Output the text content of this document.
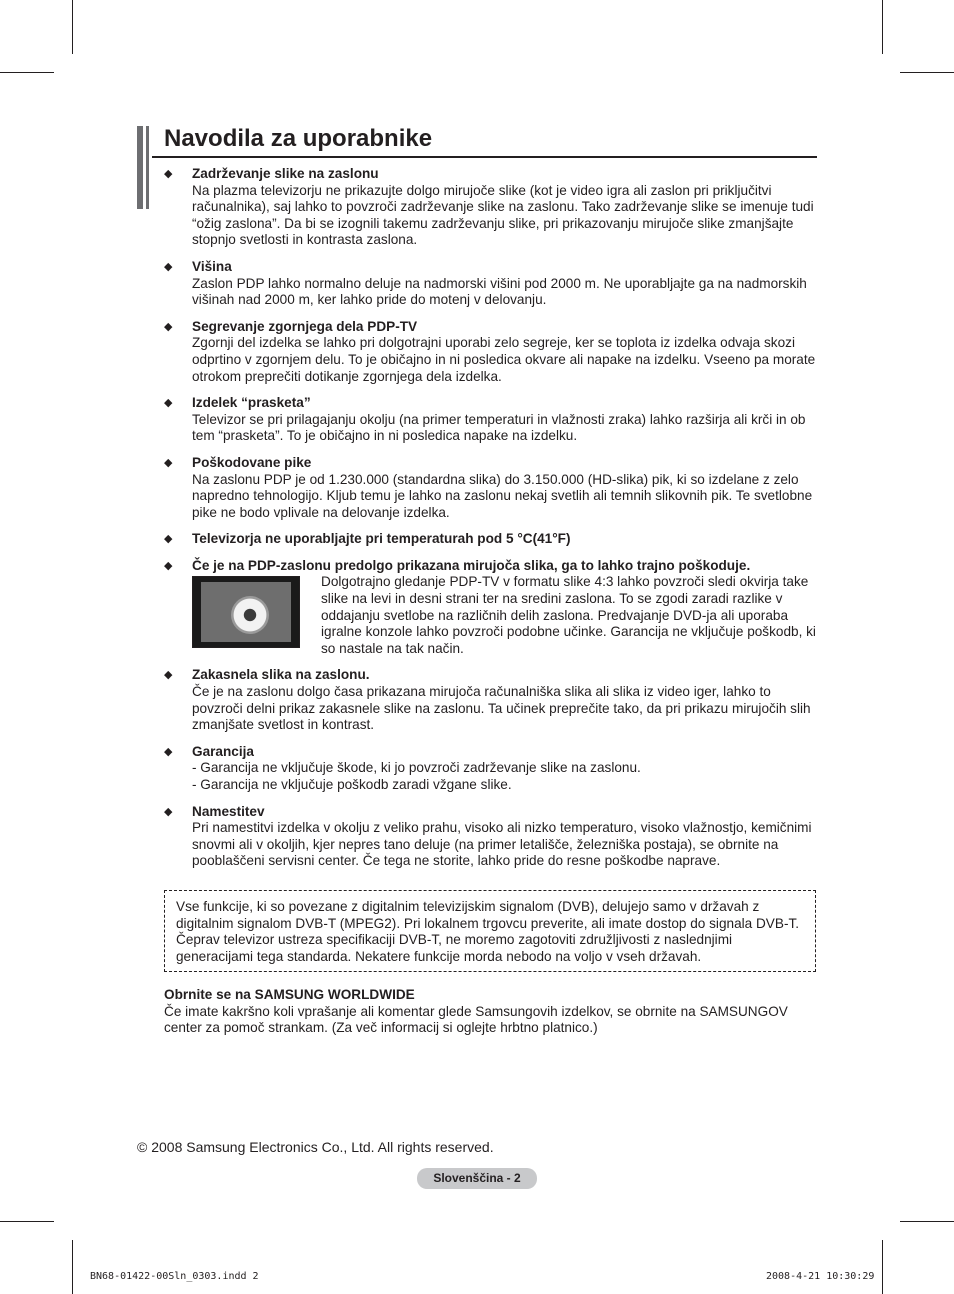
Navodila za uporabnike
◆ Zadrževanje slike na zaslonu
Na plazma televizorju ne prikazujte dolgo mirujoče slike (kot je video igra ali zaslon pri priključitvi računalnika), saj lahko to povzroči zadrževanje slike na zaslonu. Tako zadrževanje slike se imenuje tudi “ožig zaslona”. Da bi se izognili takemu zadrževanju slike, pri prikazovanju mirujoče slike zmanjšajte stopnjo svetlosti in kontrasta zaslona.
◆ Višina
Zaslon PDP lahko normalno deluje na nadmorski višini pod 2000 m. Ne uporabljajte ga na nadmorskih višinah nad 2000 m, ker lahko pride do motenj v delovanju.
◆ Segrevanje zgornjega dela PDP-TV
Zgornji del izdelka se lahko pri dolgotrajni uporabi zelo segreje, ker se toplota iz izdelka odvaja skozi odprtino v zgornjem delu. To je običajno in ni posledica okvare ali napake na izdelku. Vseeno pa morate otrokom preprečiti dotikanje zgornjega dela izdelka.
◆ Izdelek “prasketa”
Televizor se pri prilagajanju okolju (na primer temperaturi in vlažnosti zraka) lahko razširja ali krči in ob tem “prasketa”. To je običajno in ni posledica napake na izdelku.
◆ Poškodovane pike
Na zaslonu PDP je od 1.230.000 (standardna slika) do 3.150.000 (HD-slika) pik, ki so izdelane z zelo napredno tehnologijo. Kljub temu je lahko na zaslonu nekaj svetlih ali temnih slikovnih pik. Te svetlobne pike ne bodo vplivale na delovanje izdelka.
◆ Televizorja ne uporabljajte pri temperaturah pod 5 °C(41°F)
◆ Če je na PDP-zaslonu predolgo prikazana mirujoča slika, ga to lahko trajno poškoduje.
Dolgotrajno gledanje PDP-TV v formatu slike 4:3 lahko povzroči sledi okvirja take slike na levi in desni strani ter na sredini zaslona. To se zgodi zaradi razlike v oddajanju svetlobe na različnih delih zaslona. Predvajanje DVD-ja ali uporaba igralne konzole lahko povzroči podobne učinke. Garancija ne vključuje poškodb, ki so nastale na tak način.
◆ Zakasnela slika na zaslonu.
Če je na zaslonu dolgo časa prikazana mirujoča računalniška slika ali slika iz video iger, lahko to povzroči delni prikaz zakasnele slike na zaslonu. Ta učinek preprečite tako, da pri prikazu mirujočih slih zmanjšate svetlost in kontrast.
◆ Garancija
- Garancija ne vključuje škode, ki jo povzroči zadrževanje slike na zaslonu.
- Garancija ne vključuje poškodb zaradi vžgane slike.
◆ Namestitev
Pri namestitvi izdelka v okolju z veliko prahu, visoko ali nizko temperaturo, visoko vlažnostjo, kemičnimi snovmi ali v okoljih, kjer nepres tano deluje (na primer letališče, železniška postaja), se obrnite na pooblaščeni servisni center. Če tega ne storite, lahko pride do resne poškodbe naprave.
Vse funkcije, ki so povezane z digitalnim televizijskim signalom (DVB), delujejo samo v državah z digitalnim signalom DVB-T (MPEG2). Pri lokalnem trgovcu preverite, ali imate dostop do signala DVB-T. Čeprav televizor ustreza specifikaciji DVB-T, ne moremo zagotoviti združljivosti z naslednjimi generacijami tega standarda. Nekatere funkcije morda nebodo na voljo v vseh državah.
Obrnite se na SAMSUNG WORLDWIDE
Če imate kakršno koli vprašanje ali komentar glede Samsungovih izdelkov, se obrnite na SAMSUNGOV center za pomoč strankam. (Za več informacij si oglejte hrbtno platnico.)
© 2008 Samsung Electronics Co., Ltd. All rights reserved.
Slovenščina - 2
BN68-01422-00Sln_0303.indd 2	2008-4-21 10:30:29
